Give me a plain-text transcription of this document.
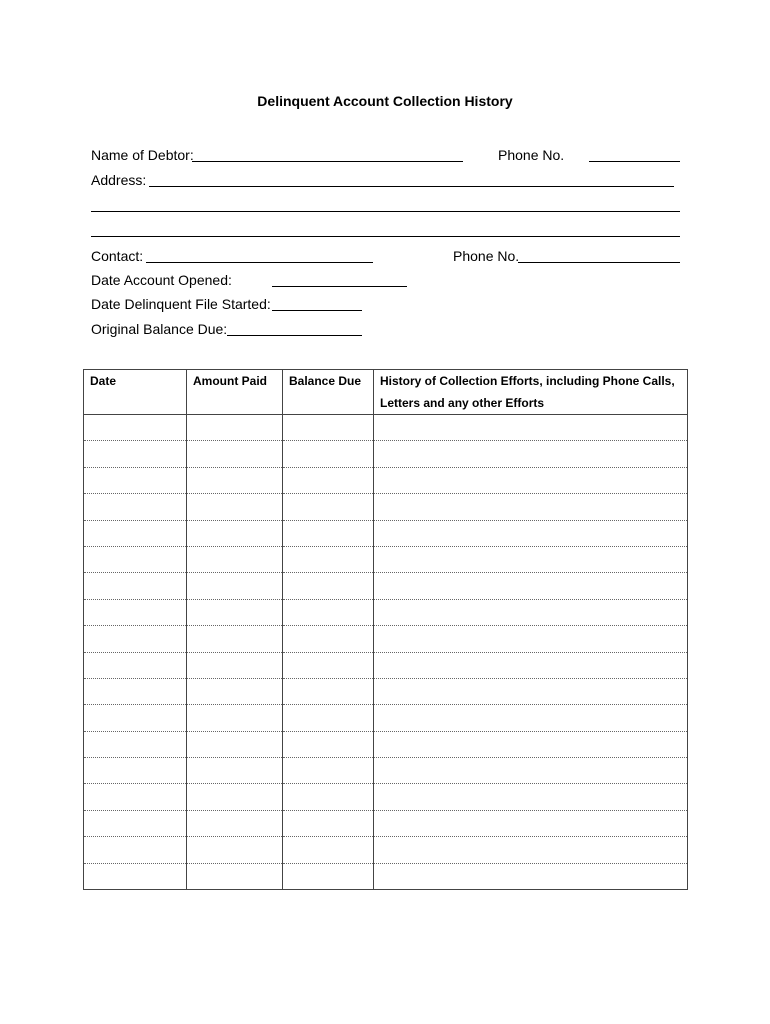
Delinquent Account Collection History
Name of Debtor:	Phone No.
Address:
Contact:	Phone No.
Date Account Opened:
Date Delinquent File Started:
Original Balance Due:
Date	Amount Paid	Balance Due	History of Collection Efforts, including Phone Calls, Letters and any other Efforts
